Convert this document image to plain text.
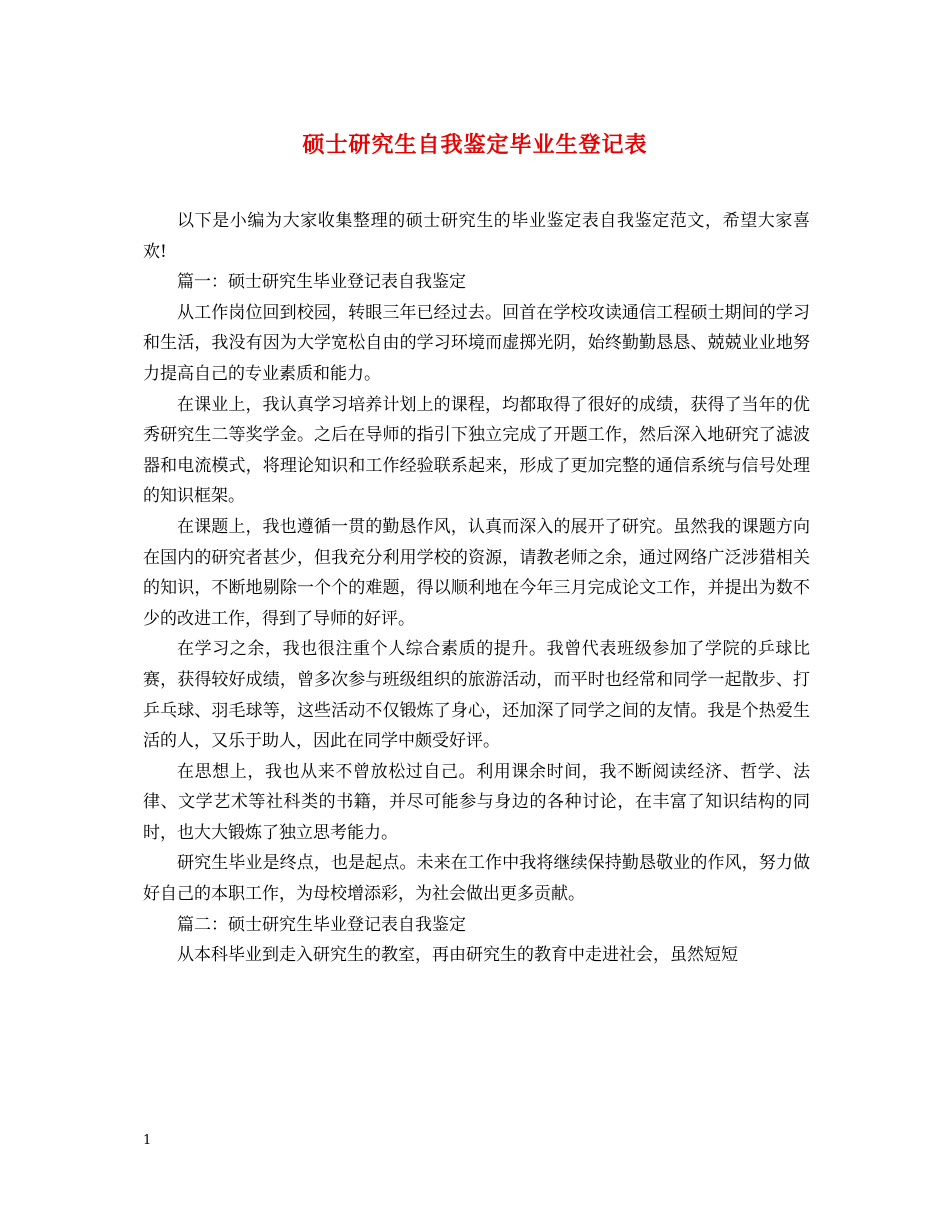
硕士研究生自我鉴定毕业生登记表

以下是小编为大家收集整理的硕士研究生的毕业鉴定表自我鉴定范文，希望大家喜欢!

篇一：硕士研究生毕业登记表自我鉴定

从工作岗位回到校园，转眼三年已经过去。回首在学校攻读通信工程硕士期间的学习和生活，我没有因为大学宽松自由的学习环境而虚掷光阴，始终勤勤恳恳、兢兢业业地努力提高自己的专业素质和能力。

在课业上，我认真学习培养计划上的课程，均都取得了很好的成绩，获得了当年的优秀研究生二等奖学金。之后在导师的指引下独立完成了开题工作，然后深入地研究了滤波器和电流模式，将理论知识和工作经验联系起来，形成了更加完整的通信系统与信号处理的知识框架。

在课题上，我也遵循一贯的勤恳作风，认真而深入的展开了研究。虽然我的课题方向在国内的研究者甚少，但我充分利用学校的资源，请教老师之余，通过网络广泛涉猎相关的知识，不断地剔除一个个的难题，得以顺利地在今年三月完成论文工作，并提出为数不少的改进工作，得到了导师的好评。

在学习之余，我也很注重个人综合素质的提升。我曾代表班级参加了学院的乒球比赛，获得较好成绩，曾多次参与班级组织的旅游活动，而平时也经常和同学一起散步、打乒乓球、羽毛球等，这些活动不仅锻炼了身心，还加深了同学之间的友情。我是个热爱生活的人，又乐于助人，因此在同学中颇受好评。

在思想上，我也从来不曾放松过自己。利用课余时间，我不断阅读经济、哲学、法律、文学艺术等社科类的书籍，并尽可能参与身边的各种讨论，在丰富了知识结构的同时，也大大锻炼了独立思考能力。

研究生毕业是终点，也是起点。未来在工作中我将继续保持勤恳敬业的作风，努力做好自己的本职工作，为母校增添彩，为社会做出更多贡献。

篇二：硕士研究生毕业登记表自我鉴定

从本科毕业到走入研究生的教室，再由研究生的教育中走进社会，虽然短短

1
